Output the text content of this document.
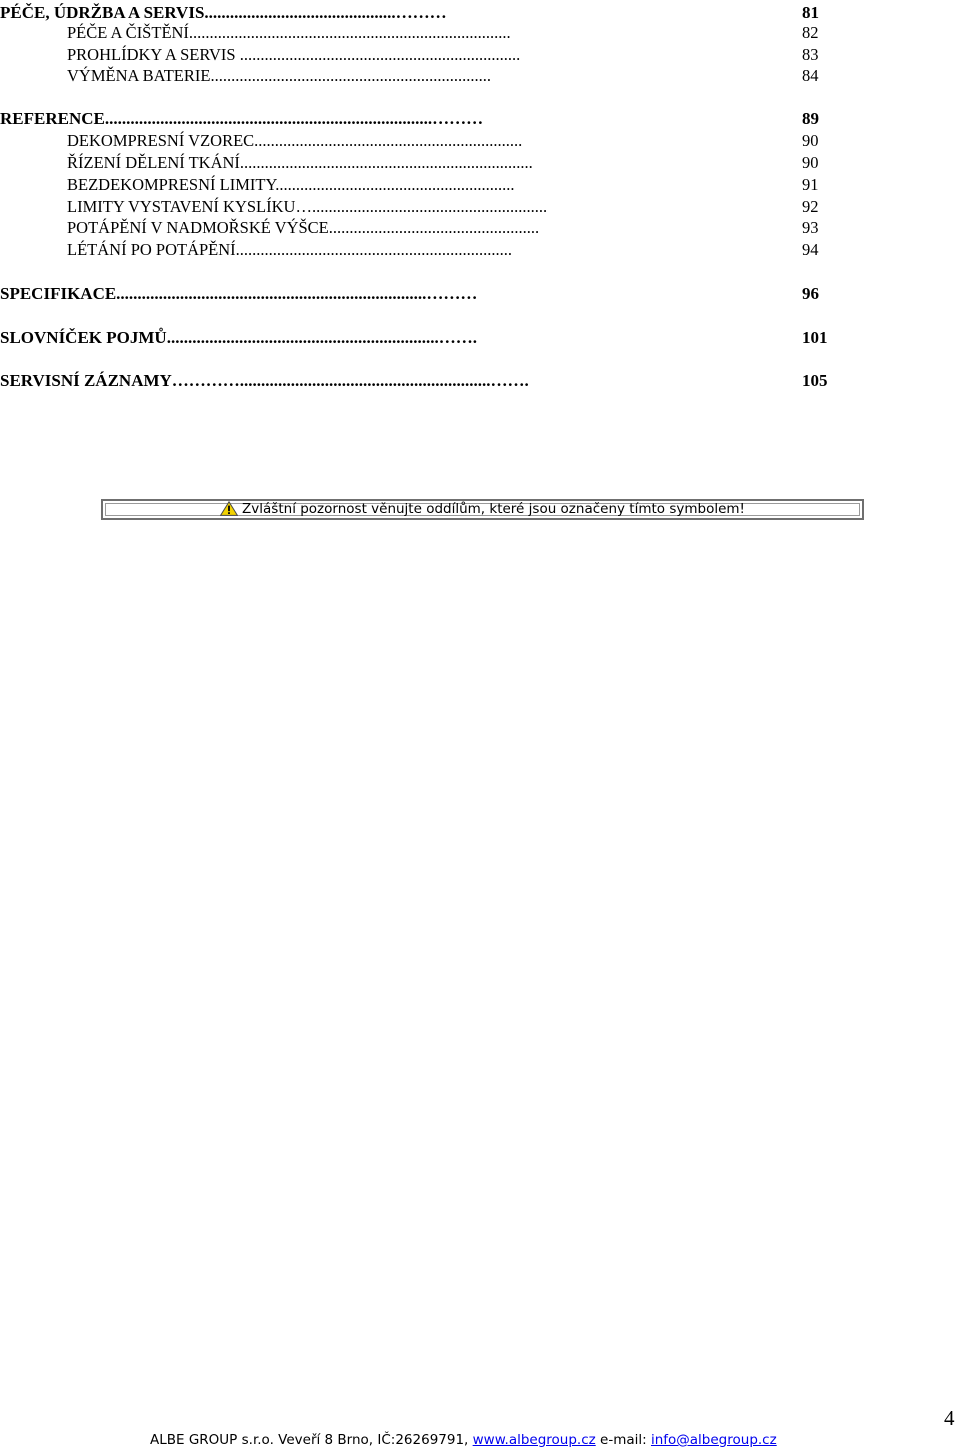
PÉČE, ÚDRŽBA A SERVIS.............................................………	81
PÉČE A ČIŠTĚNÍ..............................................................................	82
PROHLÍDKY A SERVIS ....................................................................	83
VÝMĚNA BATERIE....................................................................	84
REFERENCE.............................................................................………	89
DEKOMPRESNÍ VZOREC.................................................................	90
ŘÍZENÍ DĚLENÍ TKÁNÍ.......................................................................	90
BEZDEKOMPRESNÍ LIMITY..........................................................	91
LIMITY VYSTAVENÍ KYSLÍKU….........................................................	92
POTÁPĚNÍ V NADMOŘSKÉ VÝŠCE...................................................	93
LÉTÁNÍ PO POTÁPĚNÍ...................................................................	94
SPECIFIKACE.........................................................................………	96
SLOVNÍČEK POJMŮ................................................................…….	101
SERVISNÍ ZÁZNAMY…………...........................................................…….	105
Zvláštní pozornost věnujte oddílům, které jsou označeny tímto symbolem!
ALBE GROUP s.r.o. Veveří 8 Brno, IČ:26269791, www.albegroup.cz e-mail: info@albegroup.cz
4
